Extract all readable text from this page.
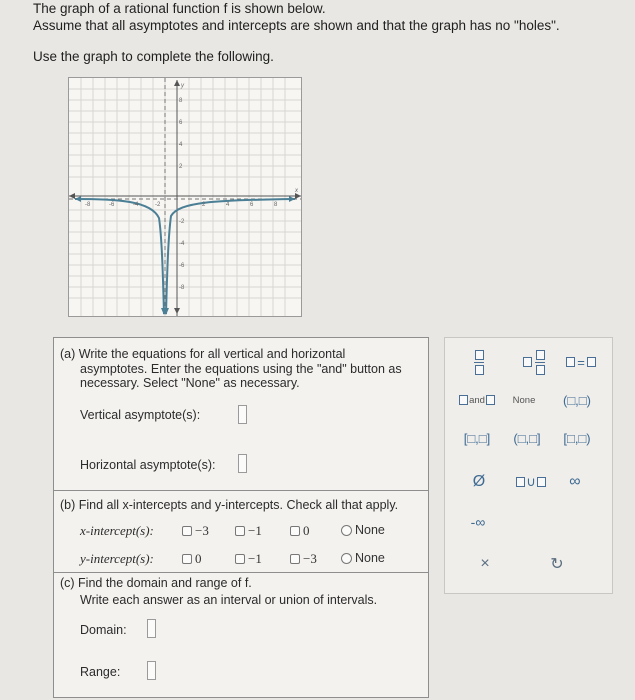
The graph of a rational function f is shown below.

Assume that all asymptotes and intercepts are shown and that the graph has no "holes".

Use the graph to complete the following.

y
x
-8	-6	-4	-2	2	4	6	8
8
6
4
2
-2
-4
-6
-8
(a) Write the equations for all vertical and horizontal
asymptotes. Enter the equations using the "and" button as
necessary. Select "None" as necessary.
Vertical asymptote(s):
Horizontal asymptote(s):
(b) Find all x-intercepts and y-intercepts. Check all that apply.
x-intercept(s):	−3	−1	0	None
y-intercept(s):	0	−1	−3	None
(c) Find the domain and range of f.
Write each answer as an interval or union of intervals.
Domain:
Range:
=
and	None	(□,□)
[□,□]	(□,□]	[□,□)
Ø	∪	∞
-∞
×	↻
